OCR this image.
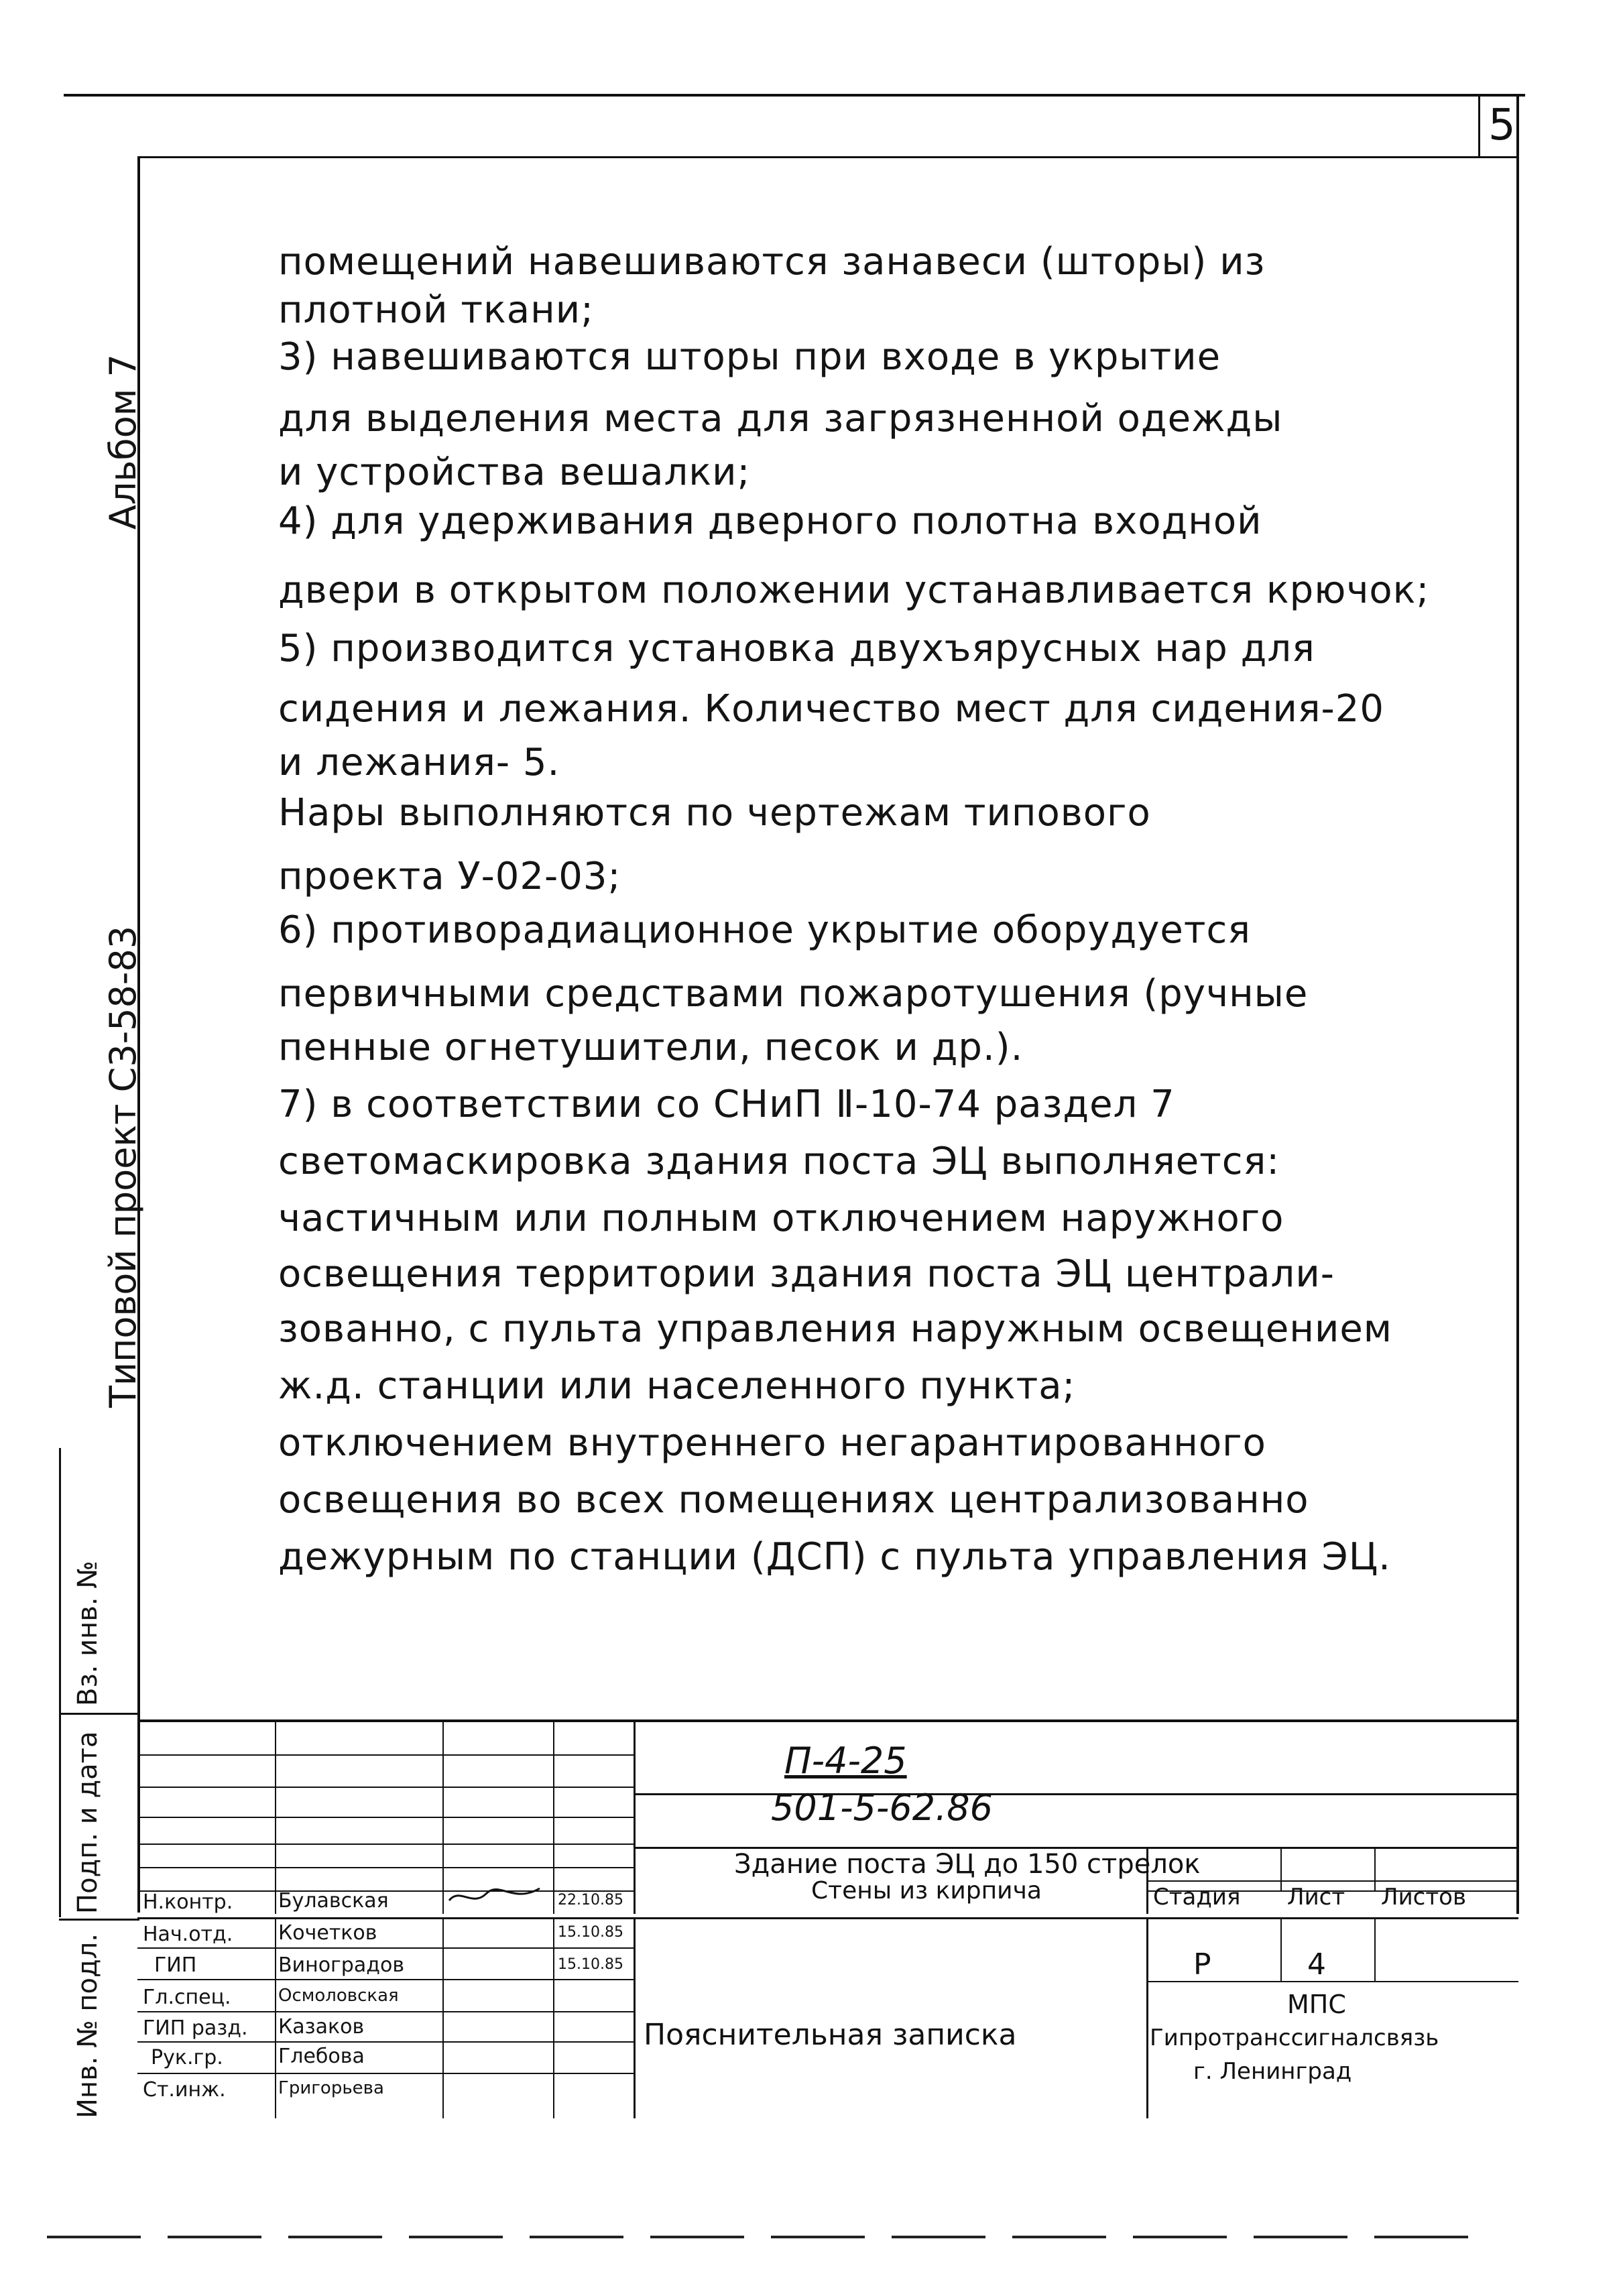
5
Альбом 7
Типовой проект С3-58-83
Вз. инв. №
Подп. и дата
Инв. № подл.
помещений навешиваются занавеси (шторы) из
плотной ткани;
3) навешиваются шторы при входе в укрытие
для выделения места для загрязненной одежды
и устройства вешалки;
4) для удерживания дверного полотна входной
двери в открытом положении устанавливается крючок;
5) производится установка двухъярусных нар для
сидения и лежания. Количество мест для сидения-20
и лежания- 5.
Нары выполняются по чертежам типового
проекта У-02-03;
6) противорадиационное укрытие оборудуется
первичными средствами пожаротушения (ручные
пенные огнетушители, песок и др.).
7) в соответствии со СНиП Ⅱ-10-74 раздел 7
светомаскировка здания поста ЭЦ выполняется:
частичным или полным отключением наружного
освещения территории здания поста ЭЦ централи-
зованно, с пульта управления наружным освещением
ж.д. станции или населенного пункта;
отключением внутреннего негарантированного
освещения во всех помещениях централизованно
дежурным по станции (ДСП) с пульта управления ЭЦ.
П-4-25
501-5-62.86
Здание поста ЭЦ до 150 стрелок
Стены из кирпича	Стадия Лист Листов
Н.контр. Булавская	22.10.85
Нач.отд. Кочетков	15.10.85
ГИП	Виноградов	15.10.85
Гл.спец.	Осмоловская
ГИП разд. Казаков
Рук.гр.	Глебова
Ст.инж.	Григорьева
Пояснительная записка
Р	4
МПС
Гипротранссигналсвязь
г. Ленинград
